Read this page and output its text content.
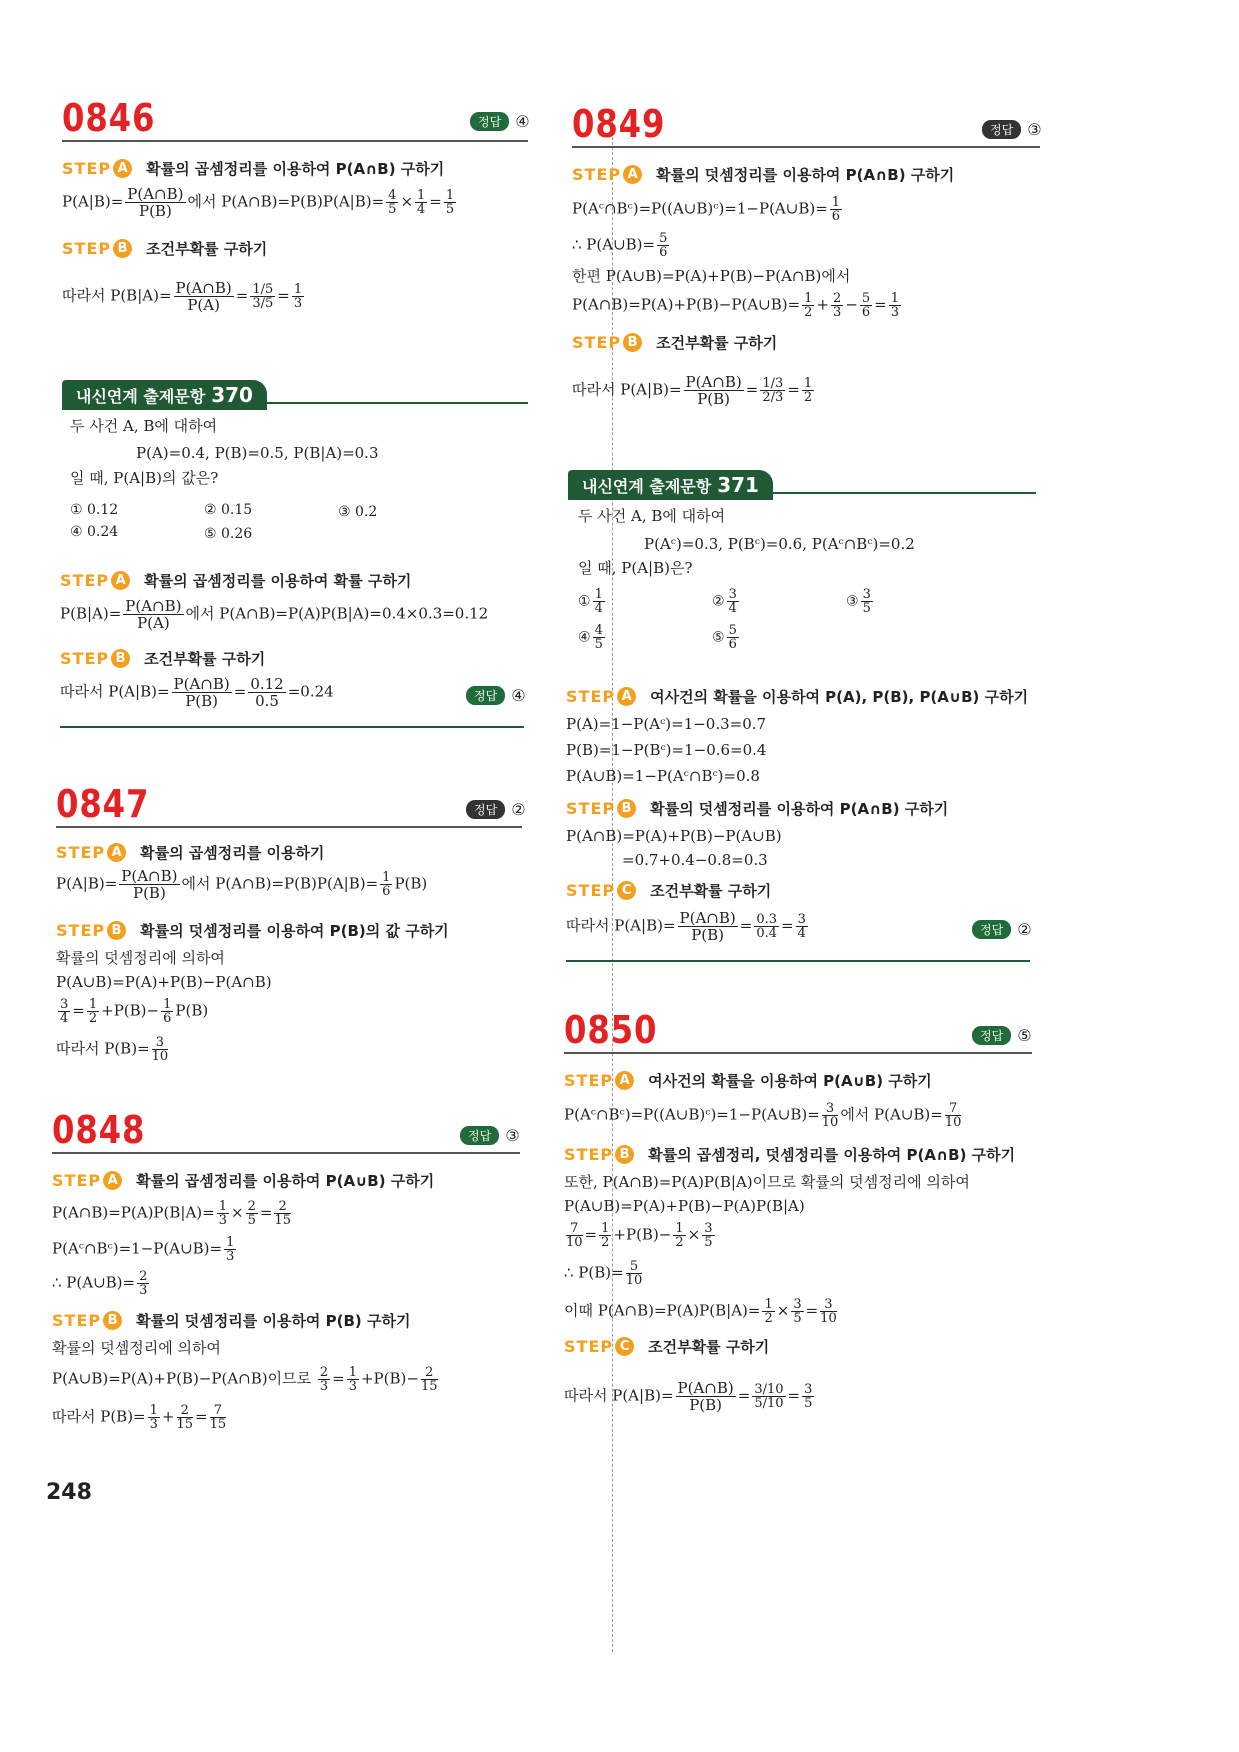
0846	정답 ④
STEP A 확률의 곱셈정리를 이용하여 P(A∩B) 구하기
$P(A|B)= \frac{P(A\cap B)}{P(B)}$ 에서 P(A∩B)=P(B)P(A|B)= $\frac{4}{5} \times \frac{1}{4} = \frac{1}{5}$
STEP B	조건부확률 구하기
따라서 $P(B|A)= \frac{P(A\cap B)}{P(A)} = \frac{1/5}{3/5} = \frac{1}{3}$
내신연계 출제문항 370
두 사건 A, B에 대하여
P(A)=0.4, P(B)=0.5, P(B|A)=0.3
일 때, P(A|B)의 값은?
① 0.12	② 0.15	③ 0.2
④ 0.24	⑤ 0.26
STEP A 확률의 곱셈정리를 이용하여 확률 구하기
$P(B|A)= \frac{P(A\cap B)}{P(A)}$ 에서 P(A∩B)=P(A)P(B|A)=0.4×0.3=0.12
STEP B	조건부확률 구하기
따라서 $P(A|B)= \frac{P(A\cap B)}{P(B)} = \frac{0.12}{0.5} =0.24$	정답 ④
0847	정답 ②
STEP A 확률의 곱셈정리를 이용하기
$P(A|B)= \frac{P(A\cap B)}{P(B)}$ 에서 P(A∩B)=P(B)P(A|B)= $\frac{1}{6} P(B)$
STEP B	확률의 덧셈정리를 이용하여 P(B)의 값 구하기
확률의 덧셈정리에 의하여
P(A∪B)=P(A)+P(B)−P(A∩B)
$\frac{3}{4} = \frac{1}{2} +P(B)- \frac{1}{6} P(B)$
따라서 $P(B)= \frac{3}{10}$
0848	정답 ③
STEP A 확률의 곱셈정리를 이용하여 P(A∪B) 구하기
P(A∩B)=P(A)P(B|A)= $\frac{1}{3} \times \frac{2}{5} = \frac{2}{15}$
P(Aᶜ∩Bᶜ)=1−P(A∪B)= $\frac{1}{3}$
∴ P(A∪B)= $\frac{2}{3}$
STEP B	확률의 덧셈정리를 이용하여 P(B) 구하기
확률의 덧셈정리에 의하여
P(A∪B)=P(A)+P(B)−P(A∩B)이므로 $\frac{2}{3} = \frac{1}{3} +P(B)- \frac{2}{15}$
따라서 $P(B)= \frac{1}{3} + \frac{2}{15} = \frac{7}{15}$
248
0849	정답 ③
STEP A 확률의 덧셈정리를 이용하여 P(A∩B) 구하기
P(Aᶜ∩Bᶜ)=P((A∪B)ᶜ)=1−P(A∪B)= $\frac{1}{6}$
∴ P(A∪B)= $\frac{5}{6}$
한편 P(A∪B)=P(A)+P(B)−P(A∩B)에서
P(A∩B)=P(A)+P(B)−P(A∪B)= $\frac{1}{2} + \frac{2}{3} - \frac{5}{6} = \frac{1}{3}$
STEP B	조건부확률 구하기
따라서 $P(A|B)= \frac{P(A\cap B)}{P(B)} = \frac{1/3}{2/3} = \frac{1}{2}$
내신연계 출제문항 371
두 사건 A, B에 대하여
P(Aᶜ)=0.3, P(Bᶜ)=0.6, P(Aᶜ∩Bᶜ)=0.2
일 때, P(A|B)은?
① $\frac{1}{4}$	② $\frac{3}{4}$	③ $\frac{3}{5}$
④ $\frac{4}{5}$	⑤ $\frac{5}{6}$
STEP A 여사건의 확률을 이용하여 P(A), P(B), P(A∪B) 구하기
P(A)=1−P(Aᶜ)=1−0.3=0.7
P(B)=1−P(Bᶜ)=1−0.6=0.4
P(A∪B)=1−P(Aᶜ∩Bᶜ)=0.8
STEP B	확률의 덧셈정리를 이용하여 P(A∩B) 구하기
P(A∩B)=P(A)+P(B)−P(A∪B)
=0.7+0.4−0.8=0.3
STEP C	조건부확률 구하기
따라서 $P(A|B)= \frac{P(A\cap B)}{P(B)} = \frac{0.3}{0.4} = \frac{3}{4}$	정답 ②
0850	정답 ⑤
STEP A 여사건의 확률을 이용하여 P(A∪B) 구하기
P(Aᶜ∩Bᶜ)=P((A∪B)ᶜ)=1−P(A∪B)= $\frac{3}{10}$ 에서 P(A∪B)= $\frac{7}{10}$
STEP B	확률의 곱셈정리, 덧셈정리를 이용하여 P(A∩B) 구하기
또한, P(A∩B)=P(A)P(B|A)이므로 확률의 덧셈정리에 의하여
P(A∪B)=P(A)+P(B)−P(A)P(B|A)
$\frac{7}{10} = \frac{1}{2} +P(B)- \frac{1}{2} \times \frac{3}{5}$
∴ $P(B)= \frac{5}{10}$
이때 P(A∩B)=P(A)P(B|A)= $\frac{1}{2} \times \frac{3}{5} = \frac{3}{10}$
STEP C	조건부확률 구하기
따라서 $P(A|B)= \frac{P(A\cap B)}{P(B)} = \frac{3/10}{5/10} = \frac{3}{5}$
